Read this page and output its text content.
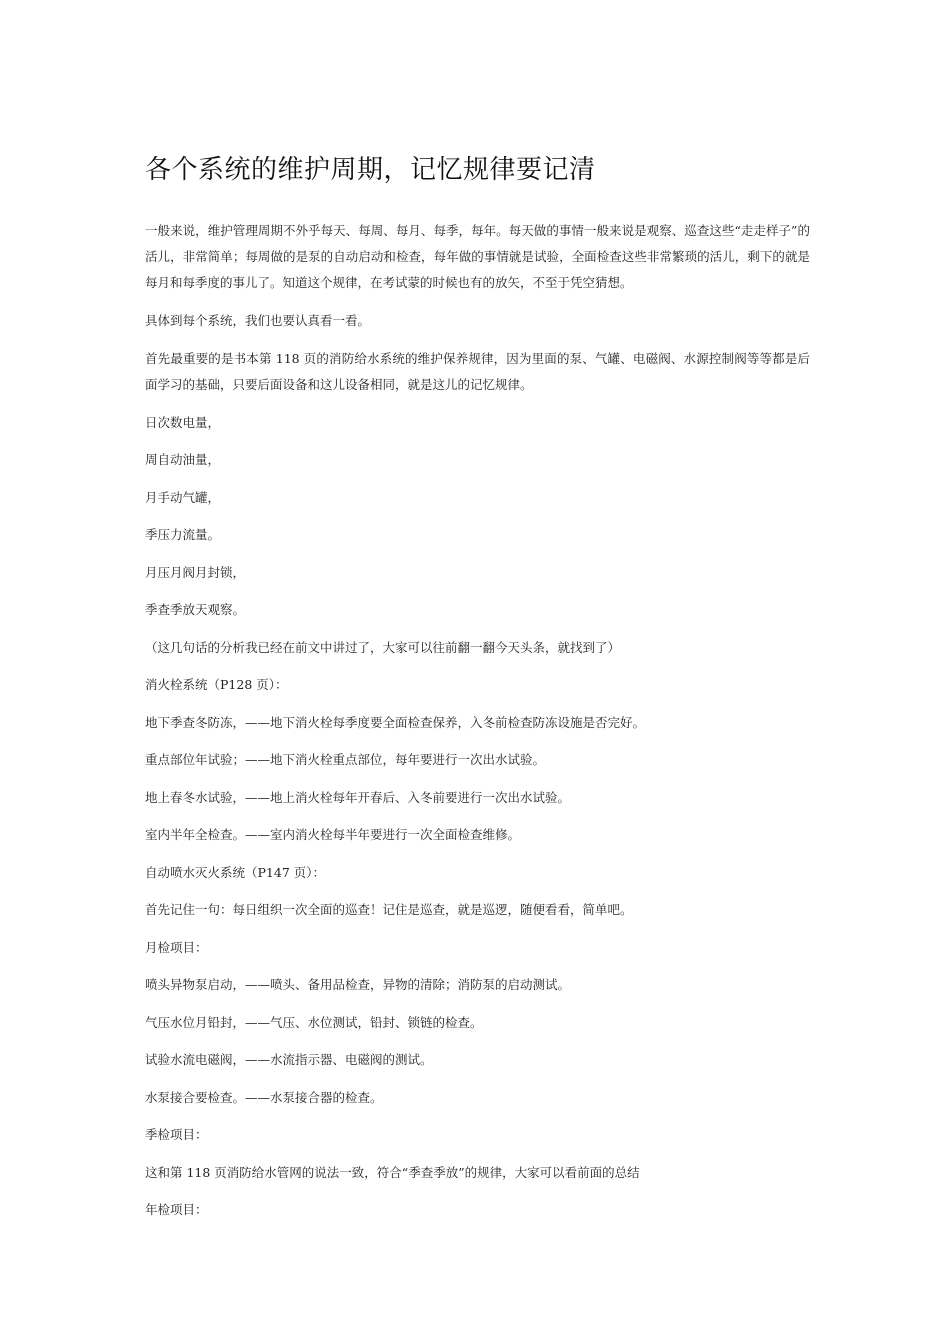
各个系统的维护周期，记忆规律要记清

一般来说，维护管理周期不外乎每天、每周、每月、每季，每年。每天做的事情一般来说是观察、巡查这些“走走样子”的活儿，非常简单；每周做的是泵的自动启动和检查，每年做的事情就是试验，全面检查这些非常繁琐的活儿，剩下的就是每月和每季度的事儿了。知道这个规律，在考试蒙的时候也有的放矢，不至于凭空猜想。

具体到每个系统，我们也要认真看一看。

首先最重要的是书本第 118 页的消防给水系统的维护保养规律，因为里面的泵、气罐、电磁阀、水源控制阀等等都是后面学习的基础，只要后面设备和这儿设备相同，就是这儿的记忆规律。

日次数电量，

周自动油量，

月手动气罐，

季压力流量。

月压月阀月封锁，

季查季放天观察。

（这几句话的分析我已经在前文中讲过了，大家可以往前翻一翻今天头条，就找到了）

消火栓系统（P128 页）：

地下季查冬防冻，——地下消火栓每季度要全面检查保养，入冬前检查防冻设施是否完好。

重点部位年试验；——地下消火栓重点部位，每年要进行一次出水试验。

地上春冬水试验，——地上消火栓每年开春后、入冬前要进行一次出水试验。

室内半年全检查。——室内消火栓每半年要进行一次全面检查维修。

自动喷水灭火系统（P147 页）：

首先记住一句：每日组织一次全面的巡查！记住是巡查，就是巡逻，随便看看，简单吧。

月检项目：

喷头异物泵启动，——喷头、备用品检查，异物的清除；消防泵的启动测试。

气压水位月铅封，——气压、水位测试，铅封、锁链的检查。

试验水流电磁阀，——水流指示器、电磁阀的测试。

水泵接合要检查。——水泵接合器的检查。

季检项目：

这和第 118 页消防给水管网的说法一致，符合“季查季放”的规律，大家可以看前面的总结

年检项目：
